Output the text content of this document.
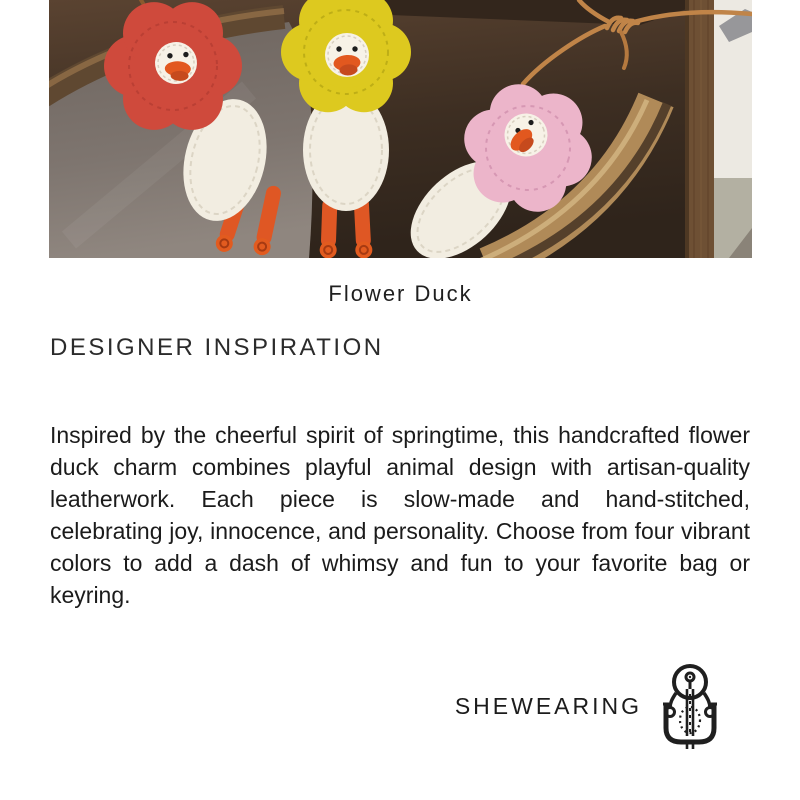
Flower Duck
DESIGNER INSPIRATION

Inspired by the cheerful spirit of springtime, this handcrafted flower duck charm combines playful animal design with artisan-quality leatherwork. Each piece is slow-made and hand-stitched, celebrating joy, innocence, and personality. Choose from four vibrant colors to add a dash of whimsy and fun to your favorite bag or keyring.

SHEWEARING
